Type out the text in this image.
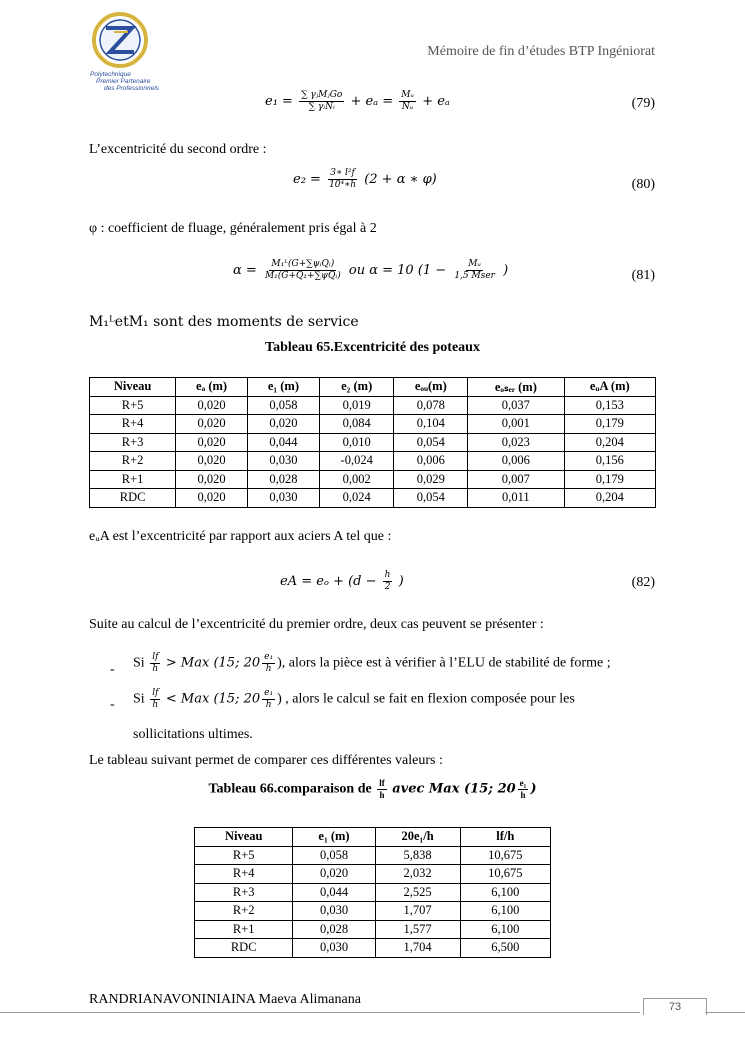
Polytechnique
Premier Partenaire
des Professionnels
Mémoire de fin d’études BTP Ingéniorat
$e_1 = \frac{\text{∑ γⱼMⱼGo}}{\text{∑ γᵢNᵢ}} + e_a = \frac{\text{Mᵤ}}{\text{Nᵤ}} + e_a$	(79)
L’excentricité du second ordre :
$e_2 = \frac{\text{3∗ l²f}}{\text{10⁴∗h}} (2 + \alpha$ ∗ φ)	(80)
φ : coefficient de fluage, généralement pris égal à 2
$\alpha = \frac{\text{M₁ᴸ(G+∑ψᵢQᵢ)}}{\text{M₁(G+Q₁+∑ψQᵢ)}}$ ou α = 10 ($1 - \frac{\text{Mᵤ}}{\text{1,5 Mser}}$ )	(81)
M₁ᴸetM₁ sont des moments de service
Tableau 65.Excentricité des poteaux
Niveau	eₐ (m)	e₁ (m)	e₂ (m)	eₒᵤ(m)	eₒₛₑᵣ (m)	eᵤA (m)
R+5	0,020	0,058	0,019	0,078	0,037	0,153
R+4	0,020	0,020	0,084	0,104	0,001	0,179
R+3	0,020	0,044	0,010	0,054	0,023	0,204
R+2	0,020	0,030	-0,024	0,006	0,006	0,156
R+1	0,020	0,028	0,002	0,029	0,007	0,179
RDC	0,020	0,030	0,024	0,054	0,011	0,204
eᵤA est l’excentricité par rapport aux aciers A tel que :
eA = $e_o + (d - \frac{h}{2}$ )	(82)
Suite au calcul de l’excentricité du premier ordre, deux cas peuvent se présenter :
- Si $\frac{lf}{h}$ > Max (15; $20 \frac{\text{e₁}}{h}$ ), alors la pièce est à vérifier à l’ELU de stabilité de forme ;
- Si $\frac{lf}{h}$ < Max (15; $20 \frac{\text{e₁}}{h}$ ) , alors le calcul se fait en flexion composée pour les
sollicitations ultimes.
Le tableau suivant permet de comparer ces différentes valeurs :
Tableau 66.comparaison de $\frac{lf}{h}$ avec Max (15; $20 \frac{\text{e₁}}{h}$ )
Niveau	e₁ (m)	20e₁/h	lf/h
R+5	0,058	5,838	10,675
R+4	0,020	2,032	10,675
R+3	0,044	2,525	6,100
R+2	0,030	1,707	6,100
R+1	0,028	1,577	6,100
RDC	0,030	1,704	6,500
RANDRIANAVONINIAINA Maeva Alimanana	73
